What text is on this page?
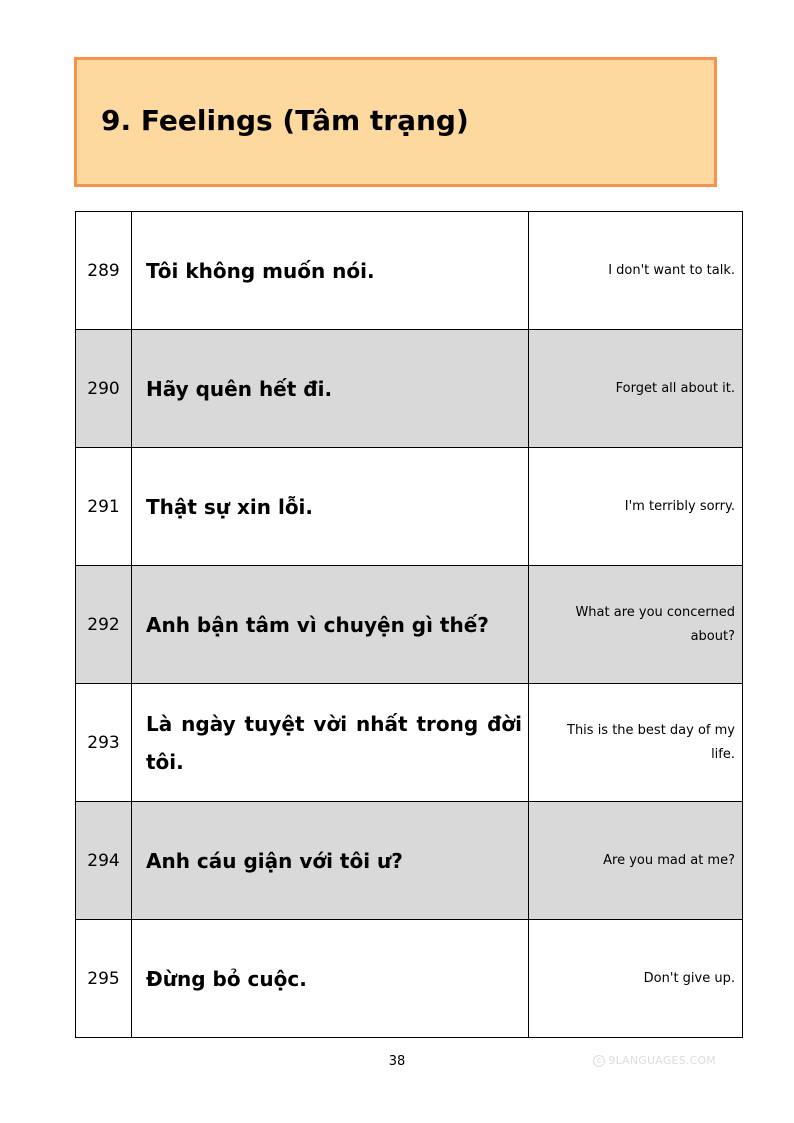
9. Feelings (Tâm trạng)
289	Tôi không muốn nói.	I don't want to talk.
290	Hãy quên hết đi.	Forget all about it.
291	Thật sự xin lỗi.	I'm terribly sorry.
292	Anh bận tâm vì chuyện gì thế?	What are you concerned about?
293	Là ngày tuyệt vời nhất trong đời tôi.	This is the best day of my life.
294	Anh cáu giận với tôi ư?	Are you mad at me?
295	Đừng bỏ cuộc.	Don't give up.
38	C 9LANGUAGES.COM
